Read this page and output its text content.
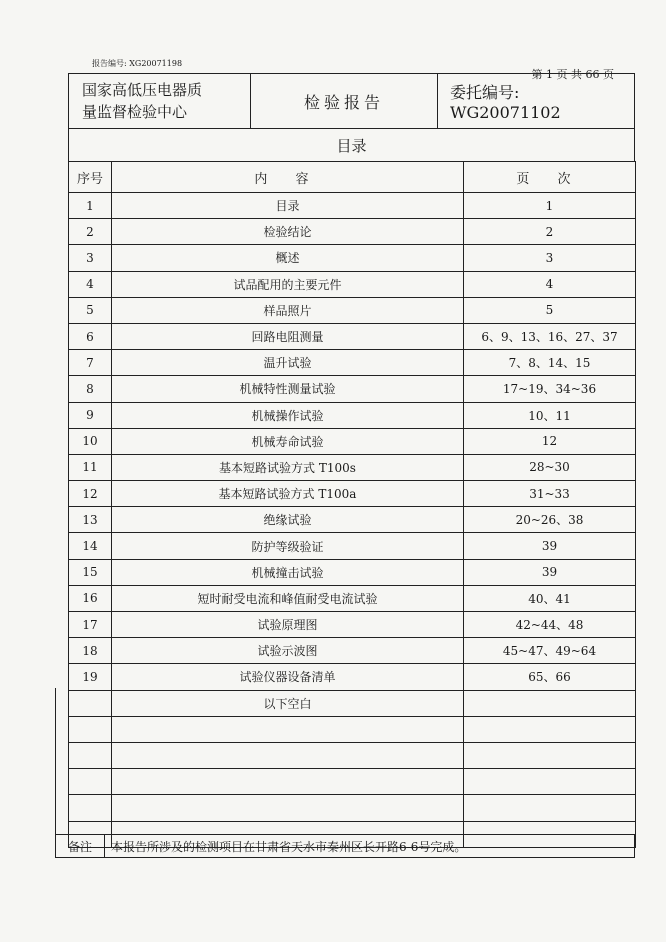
报告编号: XG20071198
第 1 页 共 66 页
国家高低压电器质
量监督检验中心
检验报告	委托编号: WG20071102
目录
序号	内 容	页 次
1	目录	1
2	检验结论	2
3	概述	3
4	试品配用的主要元件	4
5	样品照片	5
6	回路电阻测量	6、9、13、16、27、37
7	温升试验	7、8、14、15
8	机械特性测量试验	17~19、34~36
9	机械操作试验	10、11
10	机械寿命试验	12
11	基本短路试验方式 T100s	28~30
12	基本短路试验方式 T100a	31~33
13	绝缘试验	20~26、38
14	防护等级验证	39
15	机械撞击试验	39
16	短时耐受电流和峰值耐受电流试验	40、41
17	试验原理图	42~44、48
18	试验示波图	45~47、49~64
19	试验仪器设备清单	65、66
	以下空白	

备注	本报告所涉及的检测项目在甘肃省天水市秦州区长开路6-6号完成。
